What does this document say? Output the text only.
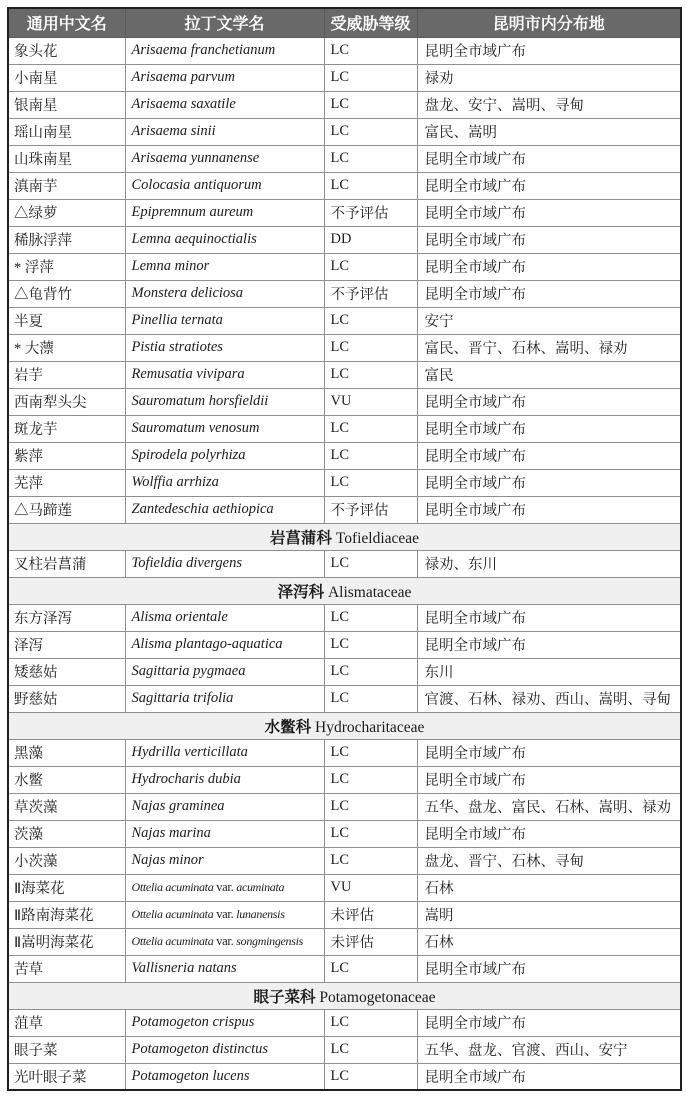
通用中文名	拉丁文学名	受威胁等级	昆明市内分布地
象头花	Arisaema franchetianum	LC	昆明全市域广布
小南星	Arisaema parvum	LC	禄劝
银南星	Arisaema saxatile	LC	盘龙、安宁、嵩明、寻甸
瑶山南星	Arisaema sinii	LC	富民、嵩明
山珠南星	Arisaema yunnanense	LC	昆明全市域广布
滇南芋	Colocasia antiquorum	LC	昆明全市域广布
△绿萝	Epipremnum aureum	不予评估	昆明全市域广布
稀脉浮萍	Lemna aequinoctialis	DD	昆明全市域广布
* 浮萍	Lemna minor	LC	昆明全市域广布
△龟背竹	Monstera deliciosa	不予评估	昆明全市域广布
半夏	Pinellia ternata	LC	安宁
* 大薸	Pistia stratiotes	LC	富民、晋宁、石林、嵩明、禄劝
岩芋	Remusatia vivipara	LC	富民
西南犁头尖	Sauromatum horsfieldii	VU	昆明全市域广布
斑龙芋	Sauromatum venosum	LC	昆明全市域广布
紫萍	Spirodela polyrhiza	LC	昆明全市域广布
芜萍	Wolffia arrhiza	LC	昆明全市域广布
△马蹄莲	Zantedeschia aethiopica	不予评估	昆明全市域广布
岩菖蒲科 Tofieldiaceae			
叉柱岩菖蒲	Tofieldia divergens	LC	禄劝、东川
泽泻科 Alismataceae			
东方泽泻	Alisma orientale	LC	昆明全市域广布
泽泻	Alisma plantago-aquatica	LC	昆明全市域广布
矮慈姑	Sagittaria pygmaea	LC	东川
野慈姑	Sagittaria trifolia	LC	官渡、石林、禄劝、西山、嵩明、寻甸
水鳖科 Hydrocharitaceae			
黑藻	Hydrilla verticillata	LC	昆明全市域广布
水鳖	Hydrocharis dubia	LC	昆明全市域广布
草茨藻	Najas graminea	LC	五华、盘龙、富民、石林、嵩明、禄劝
茨藻	Najas marina	LC	昆明全市域广布
小茨藻	Najas minor	LC	盘龙、晋宁、石林、寻甸
Ⅱ海菜花	Ottelia acuminata var. acuminata	VU	石林
Ⅱ路南海菜花	Ottelia acuminata var. lunanensis	未评估	嵩明
Ⅱ嵩明海菜花	Ottelia acuminata var. songmingensis	未评估	石林
苦草	Vallisneria natans	LC	昆明全市域广布
眼子菜科 Potamogetonaceae			
菹草	Potamogeton crispus	LC	昆明全市域广布
眼子菜	Potamogeton distinctus	LC	五华、盘龙、官渡、西山、安宁
光叶眼子菜	Potamogeton lucens	LC	昆明全市域广布
